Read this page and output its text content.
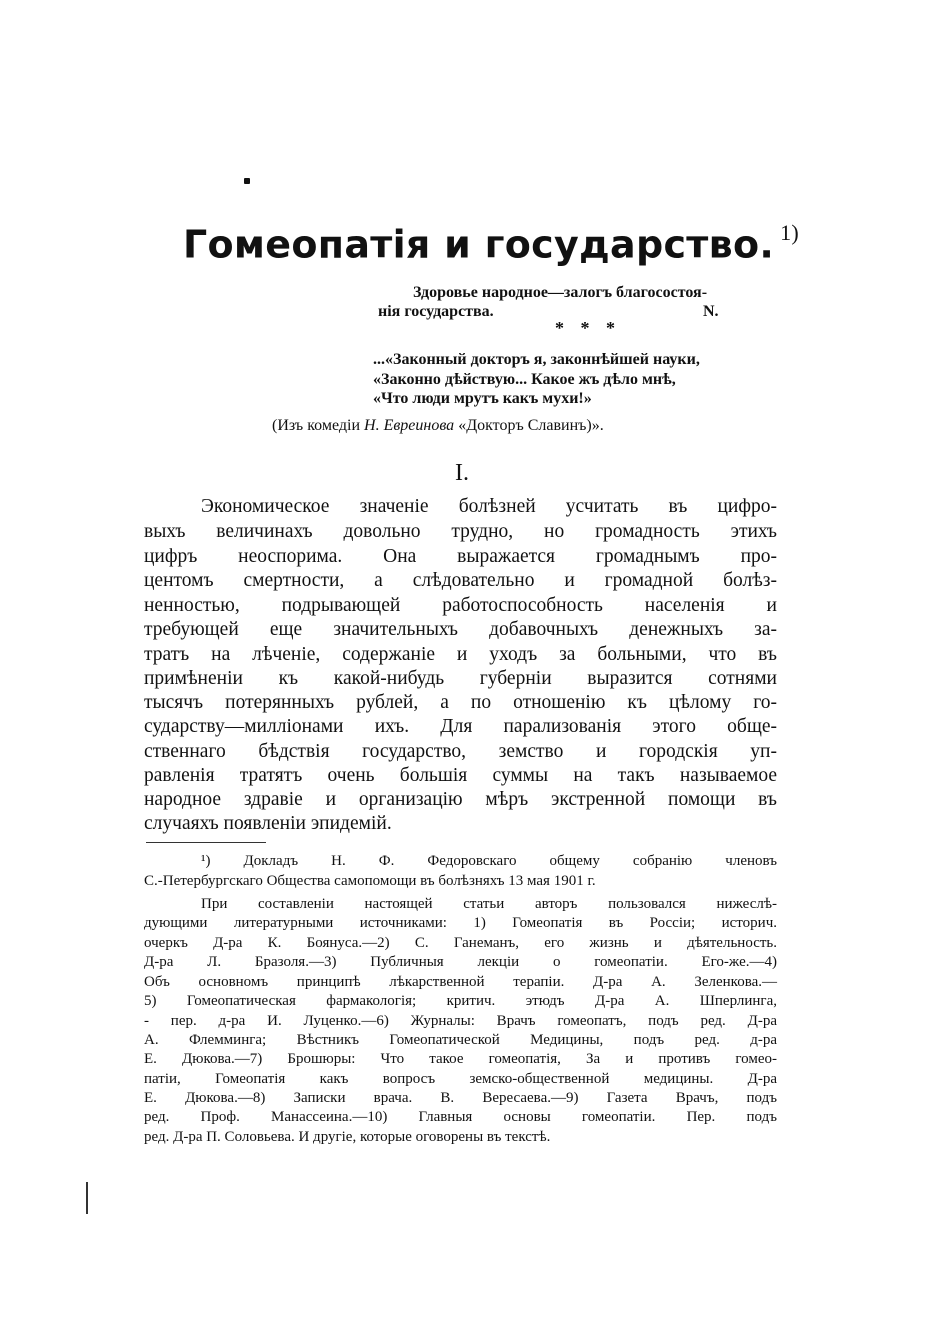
Гомеопатія и государство. $^{1)}$
Здоровье народное—залогъ благосостоя-
нія государства.	N.
* * *
...«Законный докторъ я, законнѣйшей науки,
«Законно дѣйствую... Какое жъ дѣло мнѣ,
«Что люди мрутъ какъ мухи!»
(Изъ комедіи Н. Евреинова «Докторъ Славинъ)».
I.
Экономическое значеніе болѣзней усчитать въ цифро-
выхъ величинахъ довольно трудно, но громадность этихъ
цифръ неоспорима. Она выражается громаднымъ про-
центомъ смертности, а слѣдовательно и громадной болѣз-
ненностью, подрывающей работоспособность населенія и
требующей еще значительныхъ добавочныхъ денежныхъ за-
тратъ на лѣченіе, содержаніе и уходъ за больными, что въ
примѣненіи къ какой-нибудь губерніи выразится сотнями
тысячъ потерянныхъ рублей, а по отношенію къ цѣлому го-
сударству—милліонами ихъ. Для парализованія этого обще-
ственнаго бѣдствія государство, земство и городскія уп-
равленія тратятъ очень большія суммы на такъ называемое
народное здравіе и организацію мѣръ экстренной помощи въ
случаяхъ появленіи эпидемій.
¹) Докладъ Н. Ф. Федоровскаго общему собранію членовъ
С.-Петербургскаго Общества самопомощи въ болѣзняхъ 13 мая 1901 г.
При составленіи настоящей статьи авторъ пользовался нижеслѣ-
дующими литературными источниками: 1) Гомеопатія въ Россіи; историч.
очеркъ Д-ра К. Боянуса.—2) С. Ганеманъ, его жизнь и дѣятельность.
Д-ра Л. Бразоля.—3) Публичныя лекціи о гомеопатіи. Его-же.—4)
Объ основномъ принципѣ лѣкарственной терапіи. Д-ра А. Зеленкова.—
5) Гомеопатическая фармакологія; критич. этюдъ Д-ра А. Шперлинга,
- пер. д-ра И. Луценко.—6) Журналы: Врачъ гомеопатъ, подъ ред. Д-ра
А. Флемминга; Вѣстникъ Гомеопатической Медицины, подъ ред. д-ра
Е. Дюкова.—7) Брошюры: Что такое гомеопатія, За и противъ гомео-
патіи, Гомеопатія какъ вопросъ земско-общественной медицины. Д-ра
Е. Дюкова.—8) Записки врача. В. Вересаева.—9) Газета Врачъ, подъ
ред. Проф. Манассеина.—10) Главныя основы гомеопатіи. Пер. подъ
ред. Д-ра П. Соловьева. И другіе, которые оговорены въ текстѣ.
